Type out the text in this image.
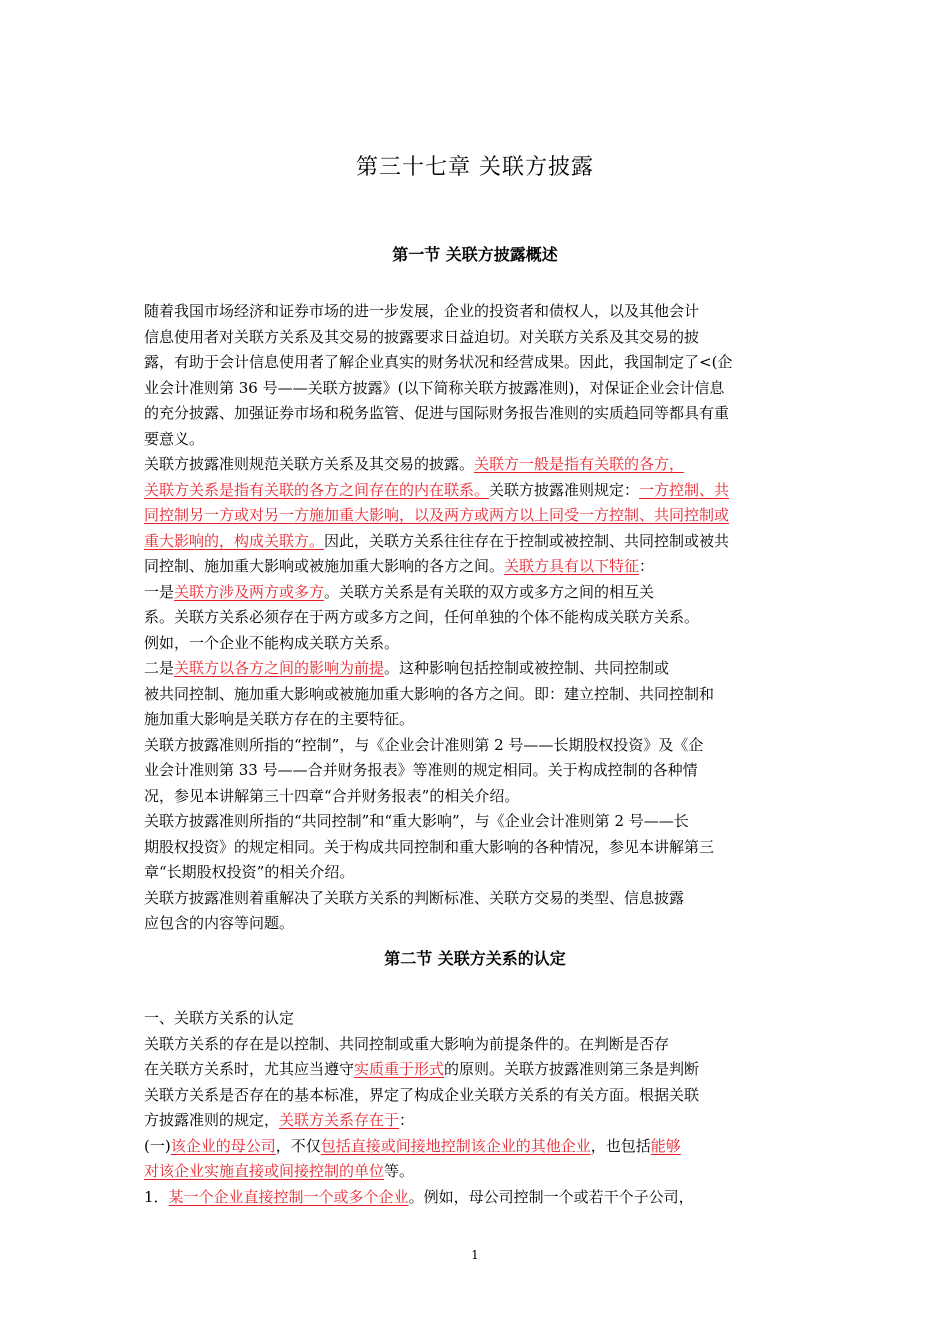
第三十七章 关联方披露
第一节 关联方披露概述
第二节 关联方关系的认定
随着我国市场经济和证券市场的进一步发展，企业的投资者和债权人，以及其他会计
信息使用者对关联方关系及其交易的披露要求日益迫切。对关联方关系及其交易的披
露，有助于会计信息使用者了解企业真实的财务状况和经营成果。因此，我国制定了<(企
业会计准则第 36 号——关联方披露》(以下简称关联方披露准则)，对保证企业会计信息
的充分披露、加强证券市场和税务监管、促进与国际财务报告准则的实质趋同等都具有重
要意义。
关联方披露准则规范关联方关系及其交易的披露。关联方一般是指有关联的各方，
关联方关系是指有关联的各方之间存在的内在联系。关联方披露准则规定：一方控制、共
同控制另一方或对另一方施加重大影响，以及两方或两方以上同受一方控制、共同控制或
重大影响的，构成关联方。因此，关联方关系往往存在于控制或被控制、共同控制或被共
同控制、施加重大影响或被施加重大影响的各方之间。关联方具有以下特征：
一是关联方涉及两方或多方。关联方关系是有关联的双方或多方之间的相互关
系。关联方关系必须存在于两方或多方之间，任何单独的个体不能构成关联方关系。
例如，一个企业不能构成关联方关系。
二是关联方以各方之间的影响为前提。这种影响包括控制或被控制、共同控制或
被共同控制、施加重大影响或被施加重大影响的各方之间。即：建立控制、共同控制和
施加重大影响是关联方存在的主要特征。
关联方披露准则所指的“控制”，与《企业会计准则第 2 号——长期股权投资》及《企
业会计准则第 33 号——合并财务报表》等准则的规定相同。关于构成控制的各种情
况，参见本讲解第三十四章“合并财务报表”的相关介绍。
关联方披露准则所指的“共同控制”和“重大影响”，与《企业会计准则第 2 号——长
期股权投资》的规定相同。关于构成共同控制和重大影响的各种情况，参见本讲解第三
章“长期股权投资”的相关介绍。
关联方披露准则着重解决了关联方关系的判断标准、关联方交易的类型、信息披露
应包含的内容等问题。
一、关联方关系的认定
关联方关系的存在是以控制、共同控制或重大影响为前提条件的。在判断是否存
在关联方关系时，尤其应当遵守实质重于形式的原则。关联方披露准则第三条是判断
关联方关系是否存在的基本标准，界定了构成企业关联方关系的有关方面。根据关联
方披露准则的规定，关联方关系存在于：
(一)该企业的母公司，不仅包括直接或间接地控制该企业的其他企业，也包括能够
对该企业实施直接或间接控制的单位等。
1．某一个企业直接控制一个或多个企业。例如，母公司控制一个或若干个子公司，
1
